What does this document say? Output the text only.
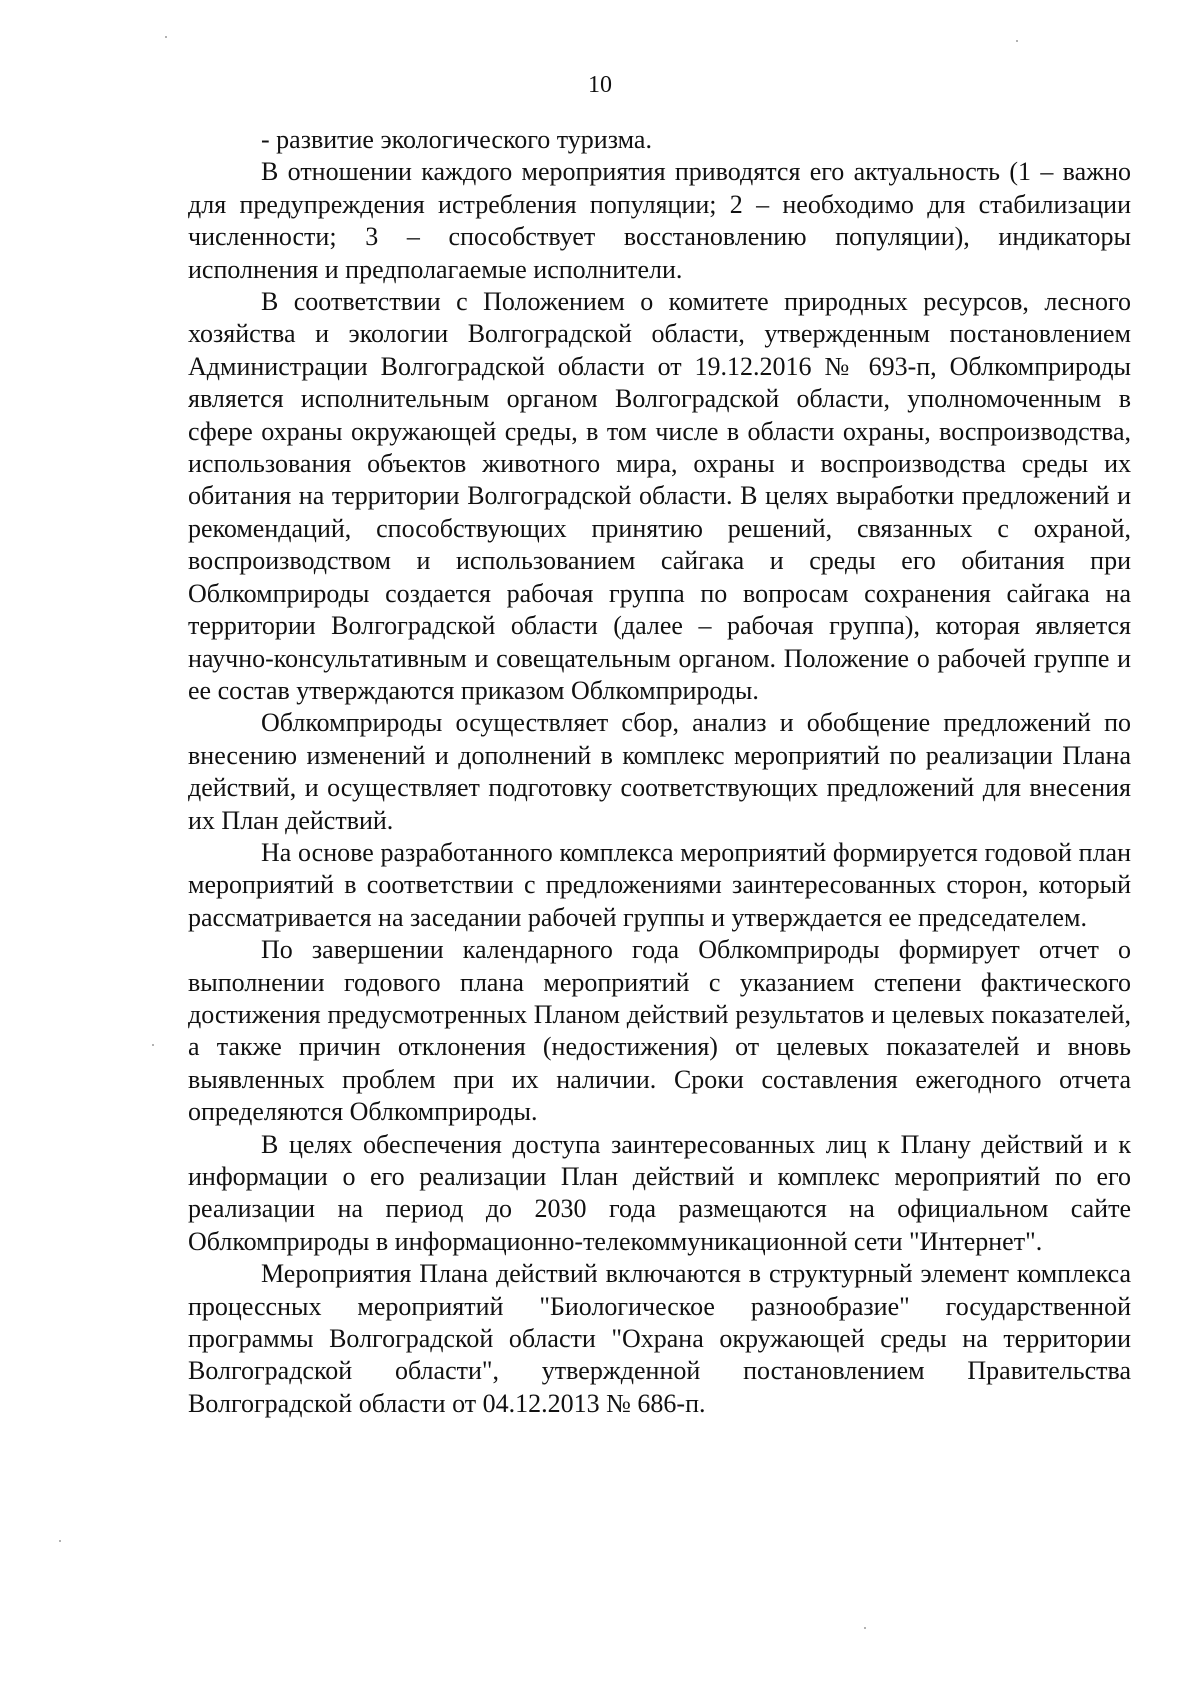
10

- развитие экологического туризма.

В отношении каждого мероприятия приводятся его актуальность (1 – важно для предупреждения истребления популяции; 2 – необходимо для стабилизации численности; 3 – способствует восстановлению популяции), индикаторы исполнения и предполагаемые исполнители.

В соответствии с Положением о комитете природных ресурсов, лесного хозяйства и экологии Волгоградской области, утвержденным постановлением Администрации Волгоградской области от 19.12.2016 № 693-п, Облкомприроды является исполнительным органом Волгоградской области, уполномоченным в сфере охраны окружающей среды, в том числе в области охраны, воспроизводства, использования объектов животного мира, охраны и воспроизводства среды их обитания на территории Волгоградской области. В целях выработки предложений и рекомендаций, способствующих принятию решений, связанных с охраной, воспроизводством и использованием сайгака и среды его обитания при Облкомприроды создается рабочая группа по вопросам сохранения сайгака на территории Волгоградской области (далее – рабочая группа), которая является научно-консультативным и совещательным органом. Положение о рабочей группе и ее состав утверждаются приказом Облкомприроды.

Облкомприроды осуществляет сбор, анализ и обобщение предложений по внесению изменений и дополнений в комплекс мероприятий по реализации Плана действий, и осуществляет подготовку соответствующих предложений для внесения их План действий.

На основе разработанного комплекса мероприятий формируется годовой план мероприятий в соответствии с предложениями заинтересованных сторон, который рассматривается на заседании рабочей группы и утверждается ее председателем.

По завершении календарного года Облкомприроды формирует отчет о выполнении годового плана мероприятий с указанием степени фактического достижения предусмотренных Планом действий результатов и целевых показателей, а также причин отклонения (недостижения) от целевых показателей и вновь выявленных проблем при их наличии. Сроки составления ежегодного отчета определяются Облкомприроды.

В целях обеспечения доступа заинтересованных лиц к Плану действий и к информации о его реализации План действий и комплекс мероприятий по его реализации на период до 2030 года размещаются на официальном сайте Облкомприроды в информационно-телекоммуникационной сети "Интернет".

Мероприятия Плана действий включаются в структурный элемент комплекса процессных мероприятий "Биологическое разнообразие" государственной программы Волгоградской области "Охрана окружающей среды на территории Волгоградской области", утвержденной постановлением Правительства Волгоградской области от 04.12.2013 № 686-п.
